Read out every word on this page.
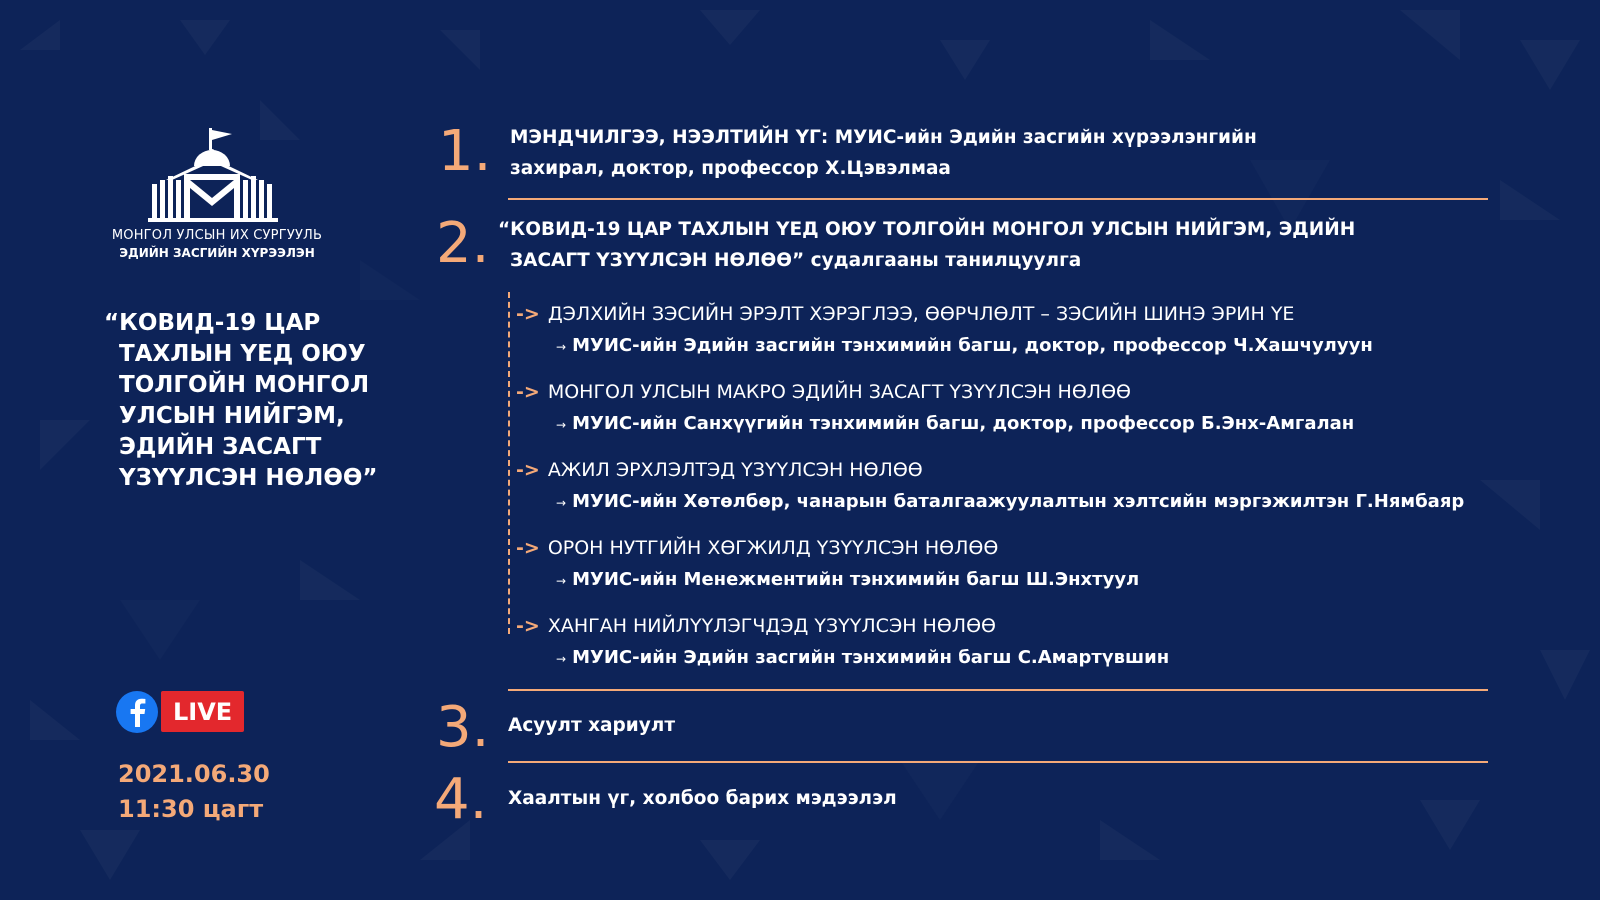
МОНГОЛ УЛСЫН ИХ СУРГУУЛЬ
ЭДИЙН ЗАСГИЙН ХҮРЭЭЛЭН
“КОВИД-19 ЦАР
ТАХЛЫН ҮЕД ОЮУ
ТОЛГОЙН МОНГОЛ
УЛСЫН НИЙГЭМ,
ЭДИЙН ЗАСАГТ
ҮЗҮҮЛСЭН НӨЛӨӨ”
LIVE
2021.06.30
11:30 цагт
1. МЭНДЧИЛГЭЭ, НЭЭЛТИЙН ҮГ: МУИС-ийн Эдийн засгийн хүрээлэнгийн
захирал, доктор, профессор Х.Цэвэлмаа
2. “КОВИД-19 ЦАР ТАХЛЫН ҮЕД ОЮУ ТОЛГОЙН МОНГОЛ УЛСЫН НИЙГЭМ, ЭДИЙН
ЗАСАГТ ҮЗҮҮЛСЭН НӨЛӨӨ” судалгааны танилцуулга
-> ДЭЛХИЙН ЗЭСИЙН ЭРЭЛТ ХЭРЭГЛЭЭ, ӨӨРЧЛӨЛТ – ЗЭСИЙН ШИНЭ ЭРИН ҮЕ
→ МУИС-ийн Эдийн засгийн тэнхимийн багш, доктор, профессор Ч.Хашчулуун
-> МОНГОЛ УЛСЫН МАКРО ЭДИЙН ЗАСАГТ ҮЗҮҮЛСЭН НӨЛӨӨ
→ МУИС-ийн Санхүүгийн тэнхимийн багш, доктор, профессор Б.Энх-Амгалан
-> АЖИЛ ЭРХЛЭЛТЭД ҮЗҮҮЛСЭН НӨЛӨӨ
→ МУИС-ийн Хөтөлбөр, чанарын баталгаажуулалтын хэлтсийн мэргэжилтэн Г.Нямбаяр
-> ОРОН НУТГИЙН ХӨГЖИЛД ҮЗҮҮЛСЭН НӨЛӨӨ
→ МУИС-ийн Менежментийн тэнхимийн багш Ш.Энхтуул
-> ХАНГАН НИЙЛҮҮЛЭГЧДЭД ҮЗҮҮЛСЭН НӨЛӨӨ
→ МУИС-ийн Эдийн засгийн тэнхимийн багш С.Амартүвшин
3. Асуулт хариулт
4. Хаалтын үг, холбоо барих мэдээлэл
